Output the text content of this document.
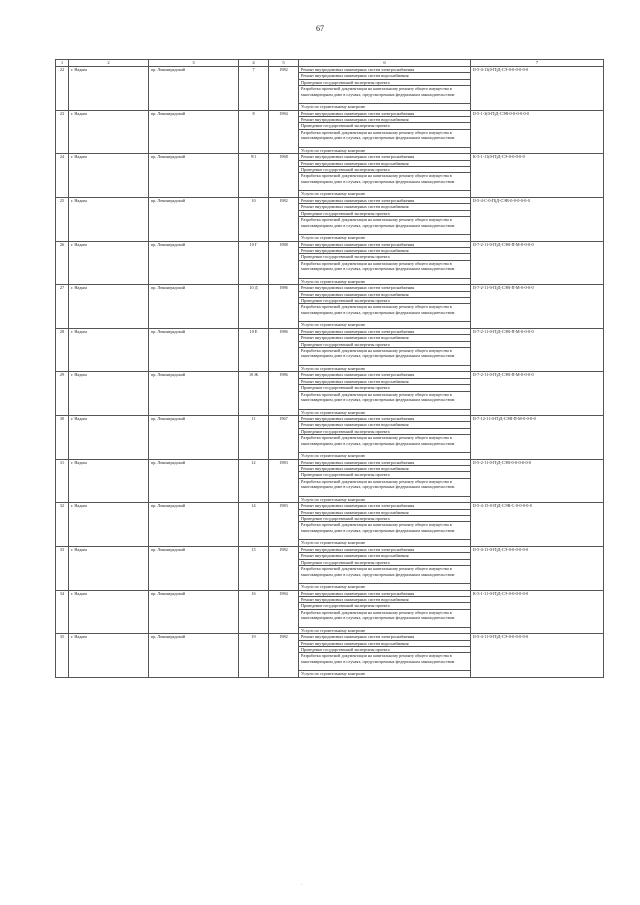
67
1	2	3	4	5	6	7
22	г. Надым	пр. Ленинградский	7	1982	Ремонт внутридомовых инженерных систем электроснабжения	II-5-4-11(0-П)Д-СЭ-0-0-0-0-0-0
					Ремонт внутридомовых инженерных систем водоснабжения	
					Проведение государственной экспертизы проекта	
					Разработка проектной документации на капитальному ремонту общего имущества в многоквартирном доме в случаях, предусмотренных федеральным законодательством	
					Услуги по строительному контролю	
23	г. Надым	пр. Ленинградский	8	1984	Ремонт внутридомовых инженерных систем электроснабжения	II-5-1-3(0-П)Д-СЭВ-0-0-0-0-0-0
					Ремонт внутридомовых инженерных систем водоснабжения	
					Проведение государственной экспертизы проекта	
					Разработка проектной документации на капитальному ремонту общего имущества в многоквартирном доме в случаях, предусмотренных федеральным законодательством	
					Услуги по строительному контролю	
24	г. Надым	пр. Ленинградский	9/1	1968	Ремонт внутридомовых инженерных систем электроснабжения	К-5-1-11(0-П)Д-СЭ-0-0-0-0-0
					Ремонт внутридомовых инженерных систем водоснабжения	
					Проведение государственной экспертизы проекта	
					Разработка проектной документации на капитальному ремонту общего имущества в многоквартирном доме в случаях, предусмотренных федеральным законодательством	
					Услуги по строительному контролю	
25	г. Надым	пр. Ленинградский	10	1982	Ремонт внутридомовых инженерных систем электроснабжения	II-5-4-С-0-П)Д-СЭВ-0-0-0-0-0-0
					Ремонт внутридомовых инженерных систем водоснабжения	
					Проведение государственной экспертизы проекта	
					Разработка проектной документации на капитальному ремонту общего имущества в многоквартирном доме в случаях, предусмотренных федеральным законодательством	
					Услуги по строительному контролю	
26	г. Надым	пр. Ленинградский	10 Г	1988	Ремонт внутридомовых инженерных систем электроснабжения	II-7-2-11-0-П)Д-СЭВ-П-М-0-0-0-0
					Ремонт внутридомовых инженерных систем водоснабжения	
					Проведение государственной экспертизы проекта	
					Разработка проектной документации на капитальному ремонту общего имущества в многоквартирном доме в случаях, предусмотренных федеральным законодательством	
					Услуги по строительному контролю	
27	г. Надым	пр. Ленинградский	10 Д	1986	Ремонт внутридомовых инженерных систем электроснабжения	II-7-2-11-0-П)Д-СЭВ-П-М-0-0-0-0
					Ремонт внутридомовых инженерных систем водоснабжения	
					Проведение государственной экспертизы проекта	
					Разработка проектной документации на капитальному ремонту общего имущества в многоквартирном доме в случаях, предусмотренных федеральным законодательством	
					Услуги по строительному контролю	
28	г. Надым	пр. Ленинградский	10 Е	1986	Ремонт внутридомовых инженерных систем электроснабжения	II-7-2-11-0-П)Д-СЭВ-П-М-0-0-0-0
					Ремонт внутридомовых инженерных систем водоснабжения	
					Проведение государственной экспертизы проекта	
					Разработка проектной документации на капитальному ремонту общего имущества в многоквартирном доме в случаях, предусмотренных федеральным законодательством	
					Услуги по строительному контролю	
29	г. Надым	пр. Ленинградский	10 Ж	1986	Ремонт внутридомовых инженерных систем электроснабжения	II-7-2-11-0-П)Д-СЭВ-П-М-0-0-0-0
					Ремонт внутридомовых инженерных систем водоснабжения	
					Проведение государственной экспертизы проекта	
					Разработка проектной документации на капитальному ремонту общего имущества в многоквартирном доме в случаях, предусмотренных федеральным законодательством	
					Услуги по строительному контролю	
30	г. Надым	пр. Ленинградский	11	1967	Ремонт внутридомовых инженерных систем электроснабжения	II-7-12-11-0-П)Д-СЭВ-П-М-0-0-0-0
					Ремонт внутридомовых инженерных систем водоснабжения	
					Проведение государственной экспертизы проекта	
					Разработка проектной документации на капитальному ремонту общего имущества в многоквартирном доме в случаях, предусмотренных федеральным законодательством	
					Услуги по строительному контролю	
31	г. Надым	пр. Ленинградский	12	1983	Ремонт внутридомовых инженерных систем электроснабжения	II-5-2-11-0-П)Д-СЭВ-0-0-0-0-0-0
					Ремонт внутридомовых инженерных систем водоснабжения	
					Проведение государственной экспертизы проекта	
					Разработка проектной документации на капитальному ремонту общего имущества в многоквартирном доме в случаях, предусмотренных федеральным законодательством	
					Услуги по строительному контролю	
32	г. Надым	пр. Ленинградский	14	1983	Ремонт внутридомовых инженерных систем электроснабжения	II-5-4-15-0-П)Д-СЭВ-С-0-0-0-0-0
					Ремонт внутридомовых инженерных систем водоснабжения	
					Проведение государственной экспертизы проекта	
					Разработка проектной документации на капитальному ремонту общего имущества в многоквартирном доме в случаях, предусмотренных федеральным законодательством	
					Услуги по строительному контролю	
33	г. Надым	пр. Ленинградский	15	1982	Ремонт внутридомовых инженерных систем электроснабжения	II-5-4-11-0-П)Д-СЭ-0-0-0-0-0-0
					Ремонт внутридомовых инженерных систем водоснабжения	
					Проведение государственной экспертизы проекта	
					Разработка проектной документации на капитальному ремонту общего имущества в многоквартирном доме в случаях, предусмотренных федеральным законодательством	
					Услуги по строительному контролю	
34	г. Надым	пр. Ленинградский	16	1984	Ремонт внутридомовых инженерных систем электроснабжения	К-5-1-11-0-П)Д-СЭ-0-0-0-0-0-0
					Ремонт внутридомовых инженерных систем водоснабжения	
					Проведение государственной экспертизы проекта	
					Разработка проектной документации на капитальному ремонту общего имущества в многоквартирном доме в случаях, предусмотренных федеральным законодательством	
					Услуги по строительному контролю	
35	г. Надым	пр. Ленинградский	19	1982	Ремонт внутридомовых инженерных систем электроснабжения	II-5-4-11-0-П)Д-СЭ-0-0-0-0-0-0
					Ремонт внутридомовых инженерных систем водоснабжения	
					Проведение государственной экспертизы проекта	
					Разработка проектной документации на капитальному ремонту общего имущества в многоквартирном доме в случаях, предусмотренных федеральным законодательством	
					Услуги по строительному контролю	
·
